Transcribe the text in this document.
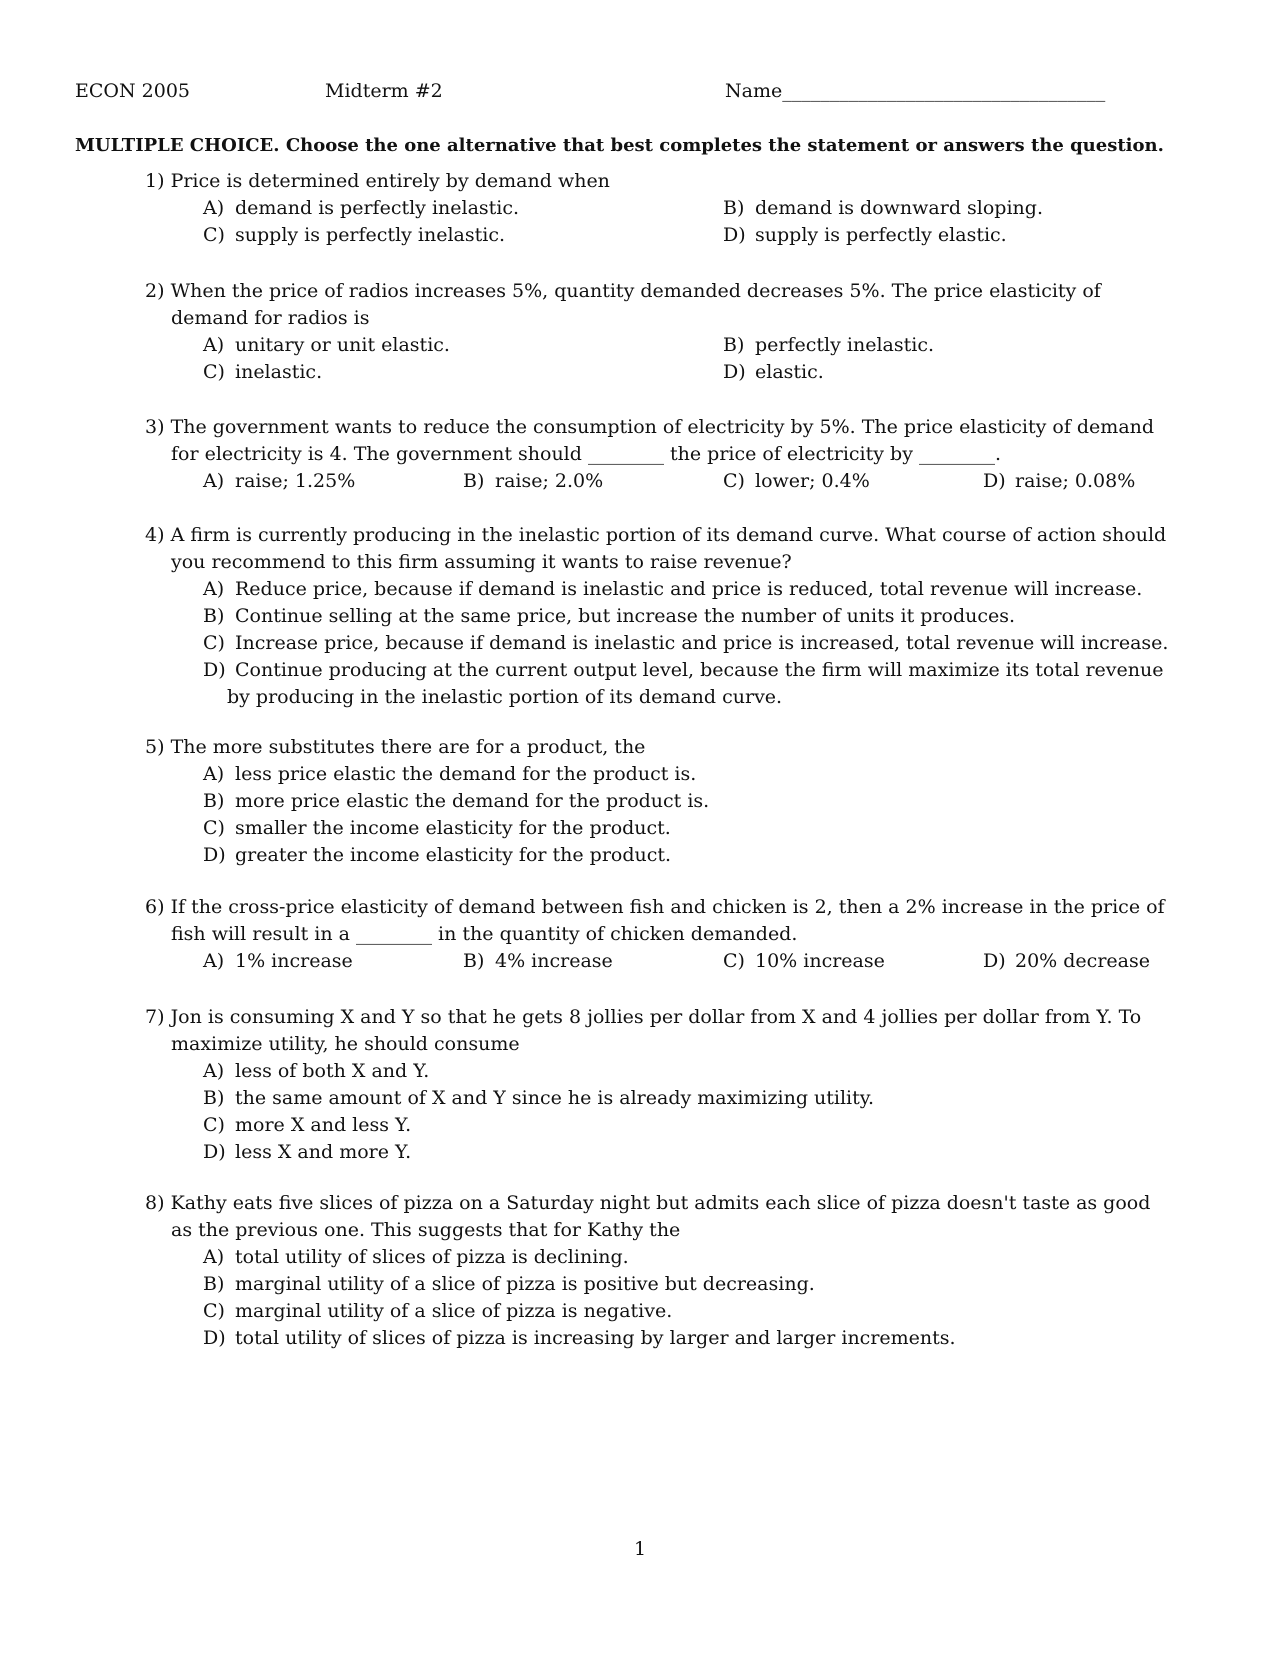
ECON 2005	Midterm #2	Name__________________________________
MULTIPLE CHOICE. Choose the one alternative that best completes the statement or answers the question.

1) Price is determined entirely by demand when

A) demand is perfectly inelastic.	B) demand is downward sloping.
C) supply is perfectly inelastic.	D) supply is perfectly elastic.

2) When the price of radios increases 5%, quantity demanded decreases 5%. The price elasticity of demand for radios is

A) unitary or unit elastic.	B) perfectly inelastic.
C) inelastic.	D) elastic.

3) The government wants to reduce the consumption of electricity by 5%. The price elasticity of demand for electricity is 4. The government should ________ the price of electricity by ________.

A) raise; 1.25%	B) raise; 2.0%	C) lower; 0.4%	D) raise; 0.08%

4) A firm is currently producing in the inelastic portion of its demand curve. What course of action should you recommend to this firm assuming it wants to raise revenue?

A) Reduce price, because if demand is inelastic and price is reduced, total revenue will increase.
B) Continue selling at the same price, but increase the number of units it produces.
C) Increase price, because if demand is inelastic and price is increased, total revenue will increase.
D) Continue producing at the current output level, because the firm will maximize its total revenue by producing in the inelastic portion of its demand curve.

5) The more substitutes there are for a product, the

A) less price elastic the demand for the product is.
B) more price elastic the demand for the product is.
C) smaller the income elasticity for the product.
D) greater the income elasticity for the product.

6) If the cross-price elasticity of demand between fish and chicken is 2, then a 2% increase in the price of fish will result in a ________ in the quantity of chicken demanded.

A) 1% increase	B) 4% increase	C) 10% increase	D) 20% decrease

7) Jon is consuming X and Y so that he gets 8 jollies per dollar from X and 4 jollies per dollar from Y. To maximize utility, he should consume

A) less of both X and Y.
B) the same amount of X and Y since he is already maximizing utility.
C) more X and less Y.
D) less X and more Y.

8) Kathy eats five slices of pizza on a Saturday night but admits each slice of pizza doesn't taste as good as the previous one. This suggests that for Kathy the

A) total utility of slices of pizza is declining.
B) marginal utility of a slice of pizza is positive but decreasing.
C) marginal utility of a slice of pizza is negative.
D) total utility of slices of pizza is increasing by larger and larger increments.
1
